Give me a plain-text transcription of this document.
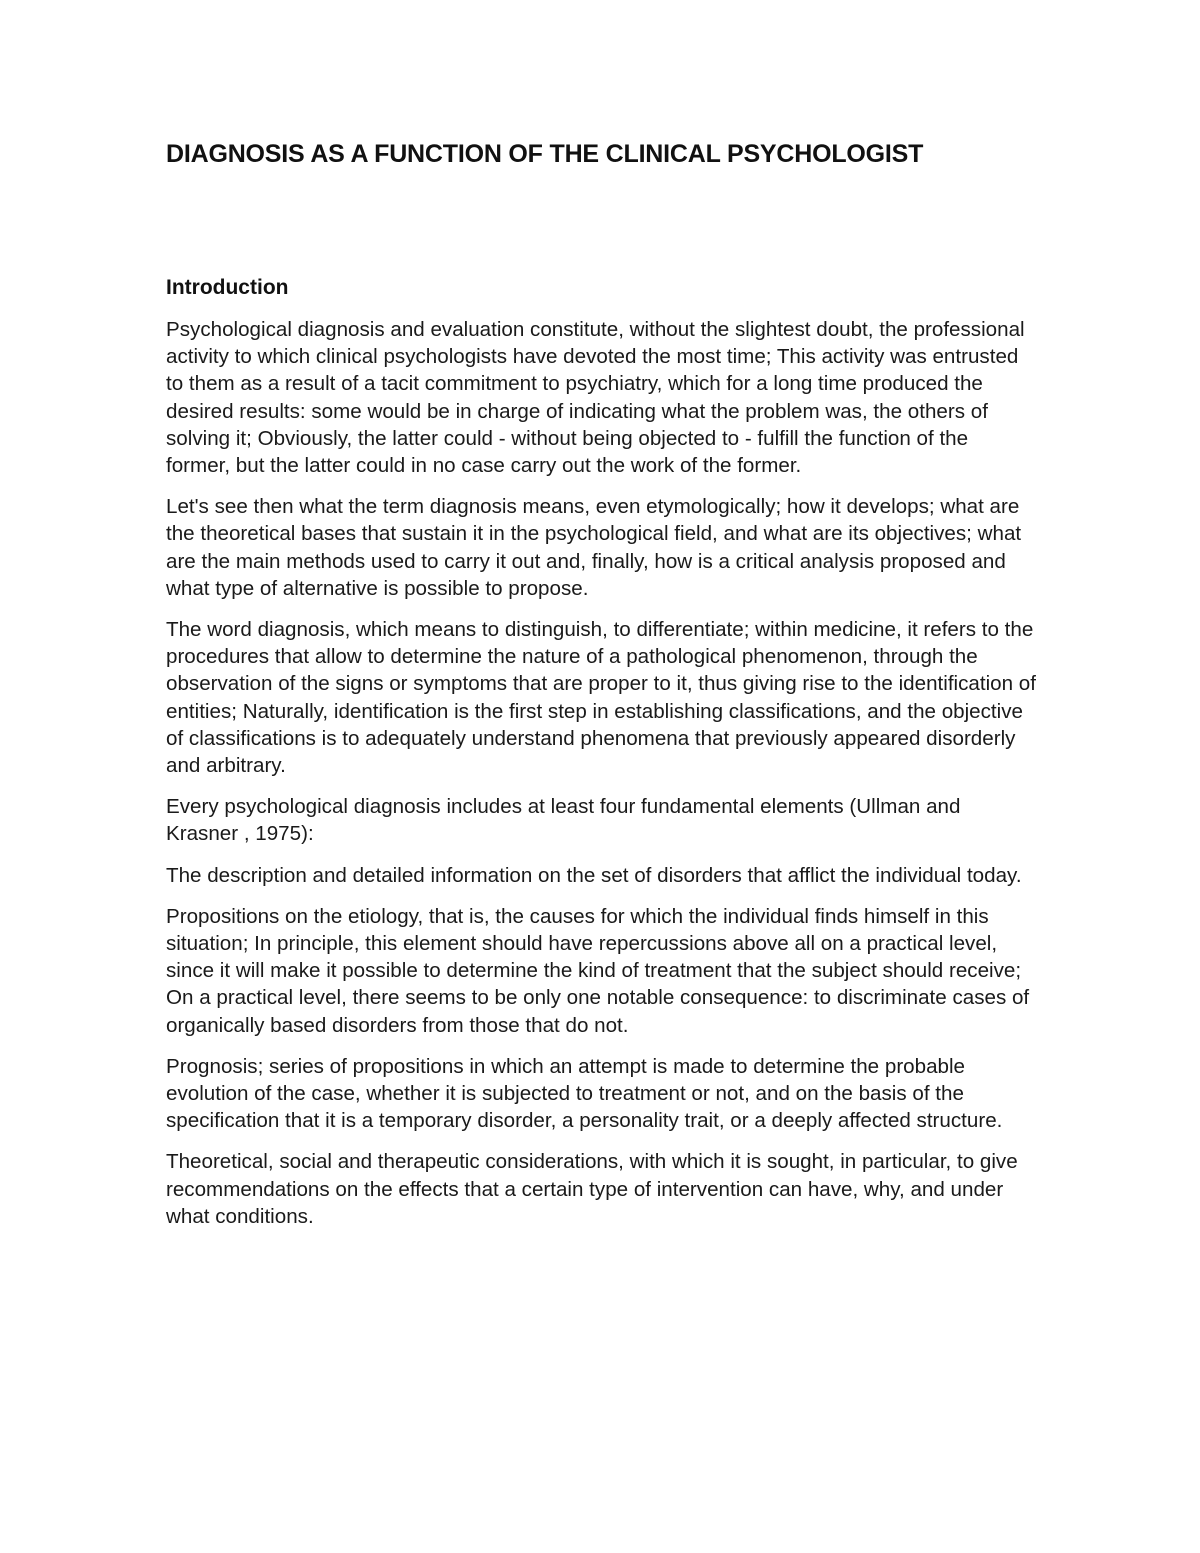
DIAGNOSIS AS A FUNCTION OF THE CLINICAL PSYCHOLOGIST
Introduction

Psychological diagnosis and evaluation constitute, without the slightest doubt, the professional activity to which clinical psychologists have devoted the most time; This activity was entrusted to them as a result of a tacit commitment to psychiatry, which for a long time produced the desired results: some would be in charge of indicating what the problem was, the others of solving it; Obviously, the latter could - without being objected to - fulfill the function of the former, but the latter could in no case carry out the work of the former.

Let's see then what the term diagnosis means, even etymologically; how it develops; what are the theoretical bases that sustain it in the psychological field, and what are its objectives; what are the main methods used to carry it out and, finally, how is a critical analysis proposed and what type of alternative is possible to propose.

The word diagnosis, which means to distinguish, to differentiate; within medicine, it refers to the procedures that allow to determine the nature of a pathological phenomenon, through the observation of the signs or symptoms that are proper to it, thus giving rise to the identification of entities; Naturally, identification is the first step in establishing classifications, and the objective of classifications is to adequately understand phenomena that previously appeared disorderly and arbitrary.

Every psychological diagnosis includes at least four fundamental elements (Ullman and Krasner , 1975):

The description and detailed information on the set of disorders that afflict the individual today.

Propositions on the etiology, that is, the causes for which the individual finds himself in this situation; In principle, this element should have repercussions above all on a practical level, since it will make it possible to determine the kind of treatment that the subject should receive; On a practical level, there seems to be only one notable consequence: to discriminate cases of organically based disorders from those that do not.

Prognosis; series of propositions in which an attempt is made to determine the probable evolution of the case, whether it is subjected to treatment or not, and on the basis of the specification that it is a temporary disorder, a personality trait, or a deeply affected structure.

Theoretical, social and therapeutic considerations, with which it is sought, in particular, to give recommendations on the effects that a certain type of intervention can have, why, and under what conditions.
